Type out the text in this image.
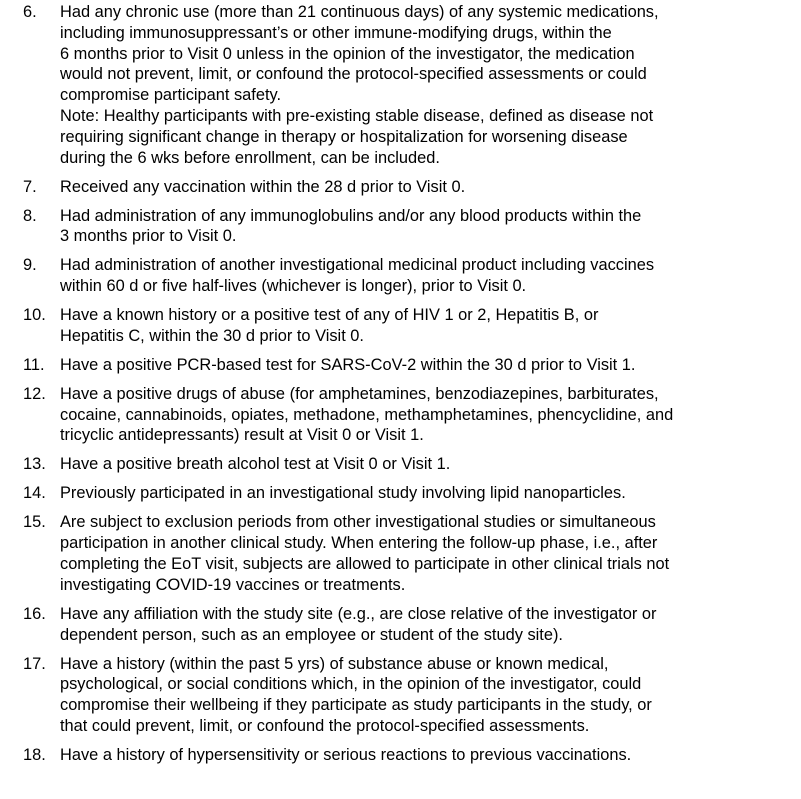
6.	Had any chronic use (more than 21 continuous days) of any systemic medications,
including immunosuppressant’s or other immune-modifying drugs, within the
6 months prior to Visit 0 unless in the opinion of the investigator, the medication
would not prevent, limit, or confound the protocol-specified assessments or could
compromise participant safety.
Note: Healthy participants with pre-existing stable disease, defined as disease not
requiring significant change in therapy or hospitalization for worsening disease
during the 6 wks before enrollment, can be included.
7.	Received any vaccination within the 28 d prior to Visit 0.
8.	Had administration of any immunoglobulins and/or any blood products within the
3 months prior to Visit 0.
9.	Had administration of another investigational medicinal product including vaccines
within 60 d or five half-lives (whichever is longer), prior to Visit 0.
10. Have a known history or a positive test of any of HIV 1 or 2, Hepatitis B, or
Hepatitis C, within the 30 d prior to Visit 0.
11. Have a positive PCR-based test for SARS-CoV-2 within the 30 d prior to Visit 1.
12. Have a positive drugs of abuse (for amphetamines, benzodiazepines, barbiturates,
cocaine, cannabinoids, opiates, methadone, methamphetamines, phencyclidine, and
tricyclic antidepressants) result at Visit 0 or Visit 1.
13. Have a positive breath alcohol test at Visit 0 or Visit 1.
14. Previously participated in an investigational study involving lipid nanoparticles.
15. Are subject to exclusion periods from other investigational studies or simultaneous
participation in another clinical study. When entering the follow-up phase, i.e., after
completing the EoT visit, subjects are allowed to participate in other clinical trials not
investigating COVID-19 vaccines or treatments.
16. Have any affiliation with the study site (e.g., are close relative of the investigator or
dependent person, such as an employee or student of the study site).
17. Have a history (within the past 5 yrs) of substance abuse or known medical,
psychological, or social conditions which, in the opinion of the investigator, could
compromise their wellbeing if they participate as study participants in the study, or
that could prevent, limit, or confound the protocol-specified assessments.
18. Have a history of hypersensitivity or serious reactions to previous vaccinations.
